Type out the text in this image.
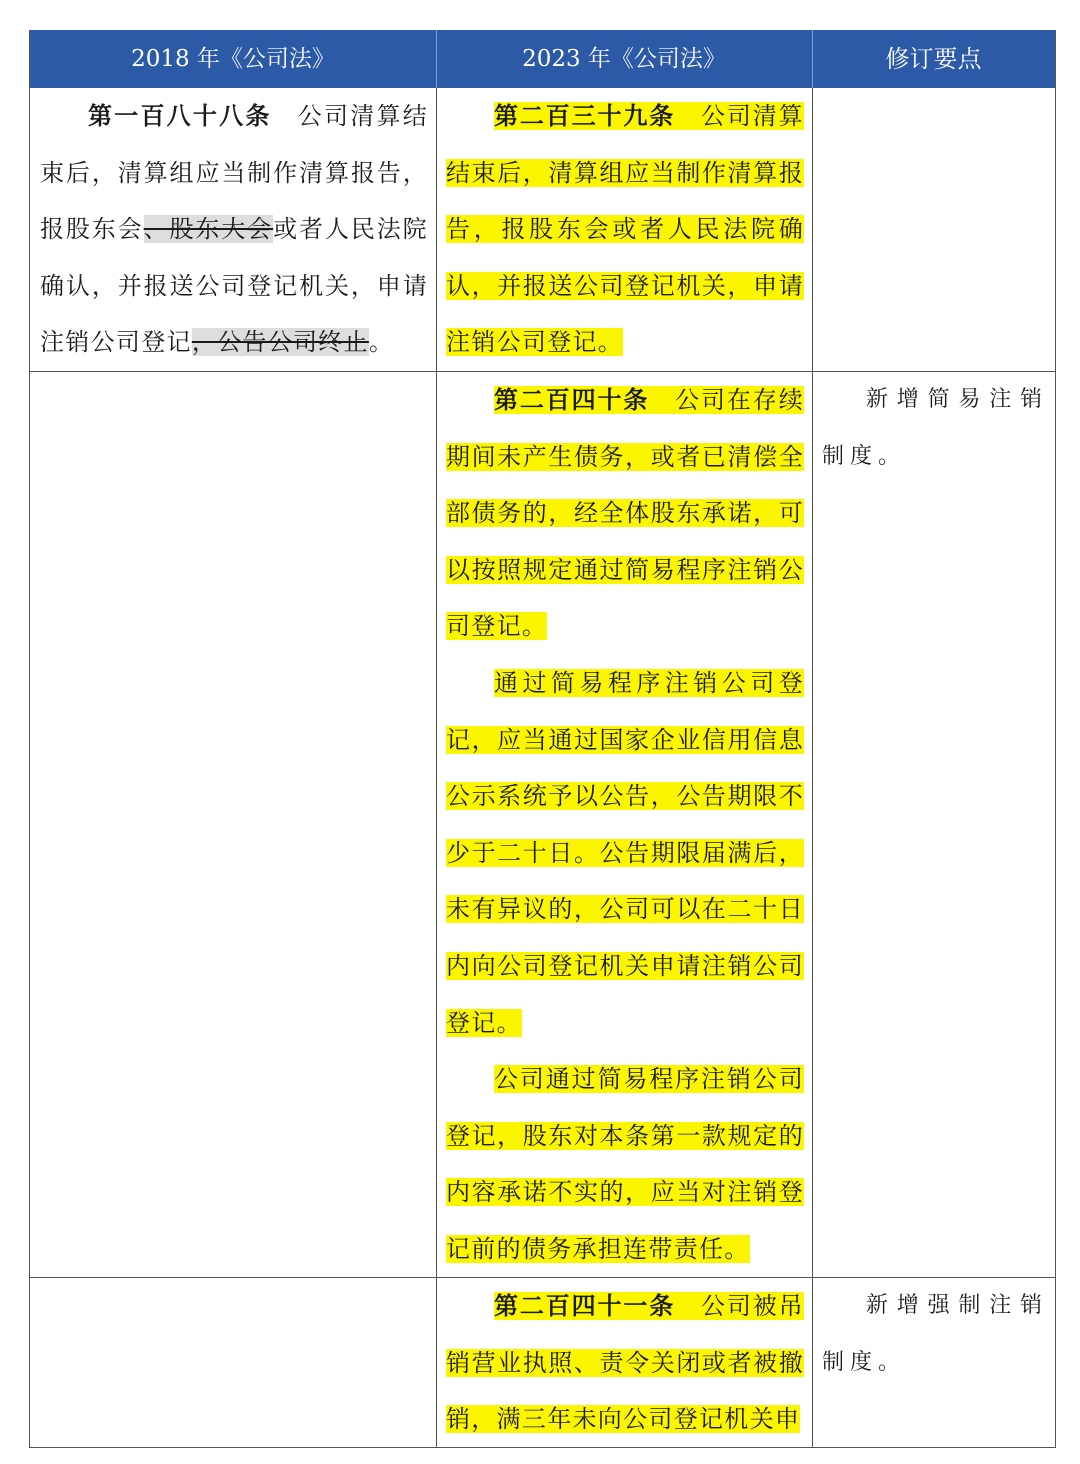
2018 年《公司法》	2023 年《公司法》	修订要点

第一百八十八条　 公司清算结束后，清算组应当制作清算报告，报股东会、股东大会或者人民法院确认，并报送公司登记机关，申请注销公司登记，公告公司终止。

第二百三十九条　 公司清算结束后，清算组应当制作清算报告，报股东会或者人民法院确认，并报送公司登记机关，申请注销公司登记。

第二百四十条　 公司在存续期间未产生债务，或者已清偿全部债务的，经全体股东承诺，可以按照规定通过简易程序注销公司登记。

通过简易程序注销公司登记，应当通过国家企业信用信息公示系统予以公告，公告期限不少于二十日。公告期限届满后，未有异议的，公司可以在二十日内向公司登记机关申请注销公司登记。

公司通过简易程序注销公司登记，股东对本条第一款规定的内容承诺不实的，应当对注销登记前的债务承担连带责任。

新增简易注销制度。

第二百四十一条　 公司被吊销营业执照、责令关闭或者被撤销，满三年未向公司登记机关申

新增强制注销制度。
